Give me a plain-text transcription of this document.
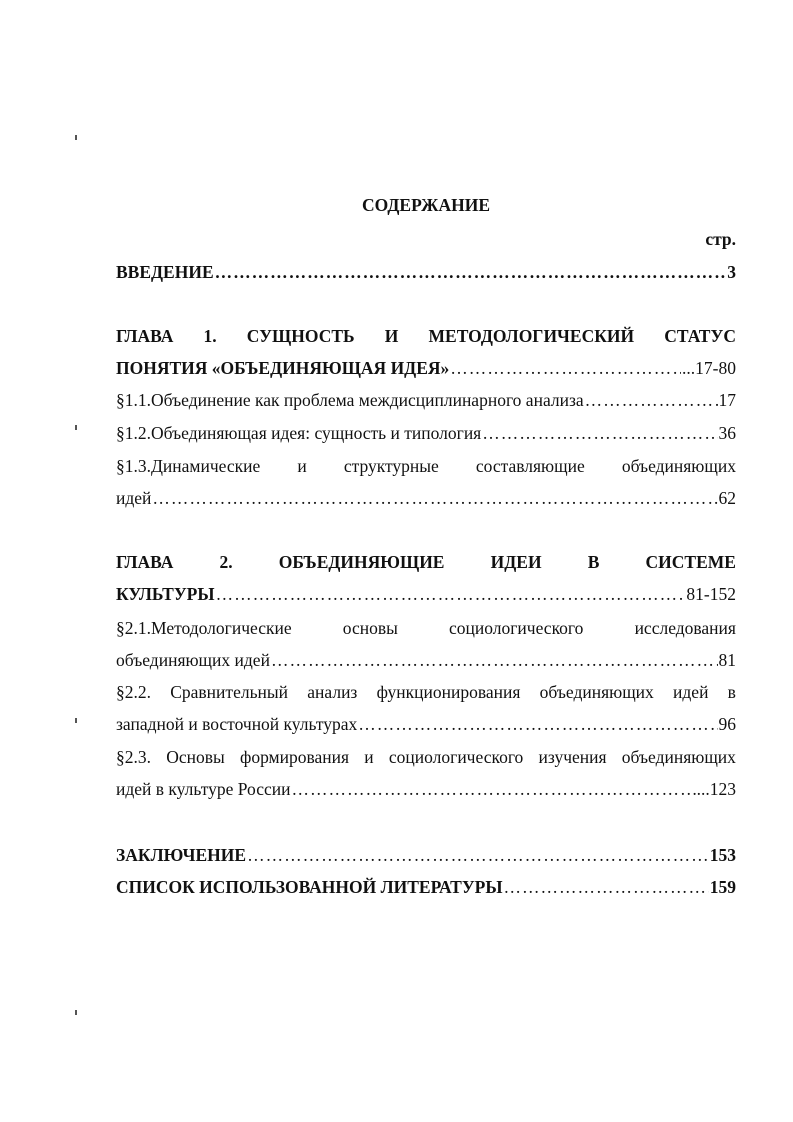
СОДЕРЖАНИЕ
стр.
ВВЕДЕНИЕ ……………………………………………………………………………………………………………………………………………………………………………………………………	3
ГЛАВА 1. СУЩНОСТЬ И МЕТОДОЛОГИЧЕСКИЙ СТАТУС
ПОНЯТИЯ «ОБЪЕДИНЯЮЩАЯ ИДЕЯ» ……………………………………………………………………………………………………………………………………………………………………………………………………	...17-80
§1.1.Объединение как проблема междисциплинарного анализа ……………………………………………………………………………………………………………………………………………………………………………………………………	17
§1.2.Объединяющая идея: сущность и типология ……………………………………………………………………………………………………………………………………………………………………………………………………	36
§1.3.Динамические и структурные составляющие объединяющих
идей ……………………………………………………………………………………………………………………………………………………………………………………………………	62
ГЛАВА	2.	ОБЪЕДИНЯЮЩИЕ	ИДЕИ	В	СИСТЕМЕ
КУЛЬТУРЫ ……………………………………………………………………………………………………………………………………………………………………………………………………	81-152
§2.1.Методологические	основы	социологического	исследования
объединяющих идей ……………………………………………………………………………………………………………………………………………………………………………………………………	81
§2.2. Сравнительный анализ функционирования объединяющих идей в
западной и восточной культурах ……………………………………………………………………………………………………………………………………………………………………………………………………	96
§2.3. Основы формирования и социологического изучения объединяющих
идей в культуре России ……………………………………………………………………………………………………………………………………………………………………………………………………	...123
ЗАКЛЮЧЕНИЕ ……………………………………………………………………………………………………………………………………………………………………………………………………	153
СПИСОК ИСПОЛЬЗОВАННОЙ ЛИТЕРАТУРЫ ……………………………………………………………………………………………………………………………………………………………………………………………………	159
